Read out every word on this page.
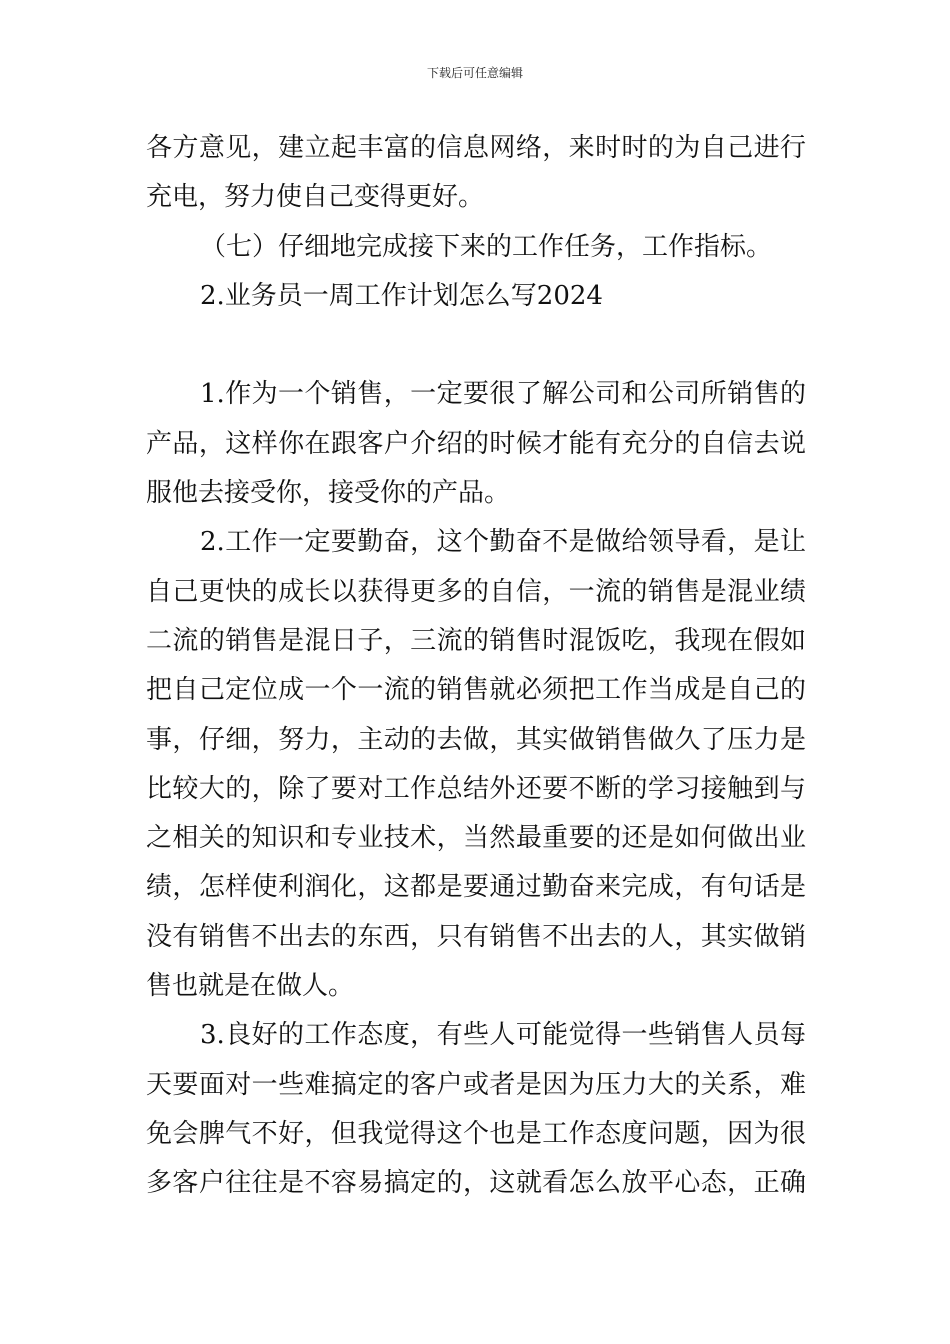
下载后可任意编辑
各方意见，建立起丰富的信息网络，来时时的为自己进行
充电，努力使自己变得更好。
（七）仔细地完成接下来的工作任务，工作指标。
2.业务员一周工作计划怎么写2024
1.作为一个销售，一定要很了解公司和公司所销售的
产品，这样你在跟客户介绍的时候才能有充分的自信去说
服他去接受你，接受你的产品。
2.工作一定要勤奋，这个勤奋不是做给领导看，是让
自己更快的成长以获得更多的自信，一流的销售是混业绩
二流的销售是混日子，三流的销售时混饭吃，我现在假如
把自己定位成一个一流的销售就必须把工作当成是自己的
事，仔细，努力，主动的去做，其实做销售做久了压力是
比较大的，除了要对工作总结外还要不断的学习接触到与
之相关的知识和专业技术，当然最重要的还是如何做出业
绩，怎样使利润化，这都是要通过勤奋来完成，有句话是
没有销售不出去的东西，只有销售不出去的人，其实做销
售也就是在做人。
3.良好的工作态度，有些人可能觉得一些销售人员每
天要面对一些难搞定的客户或者是因为压力大的关系，难
免会脾气不好，但我觉得这个也是工作态度问题，因为很
多客户往往是不容易搞定的，这就看怎么放平心态，正确
